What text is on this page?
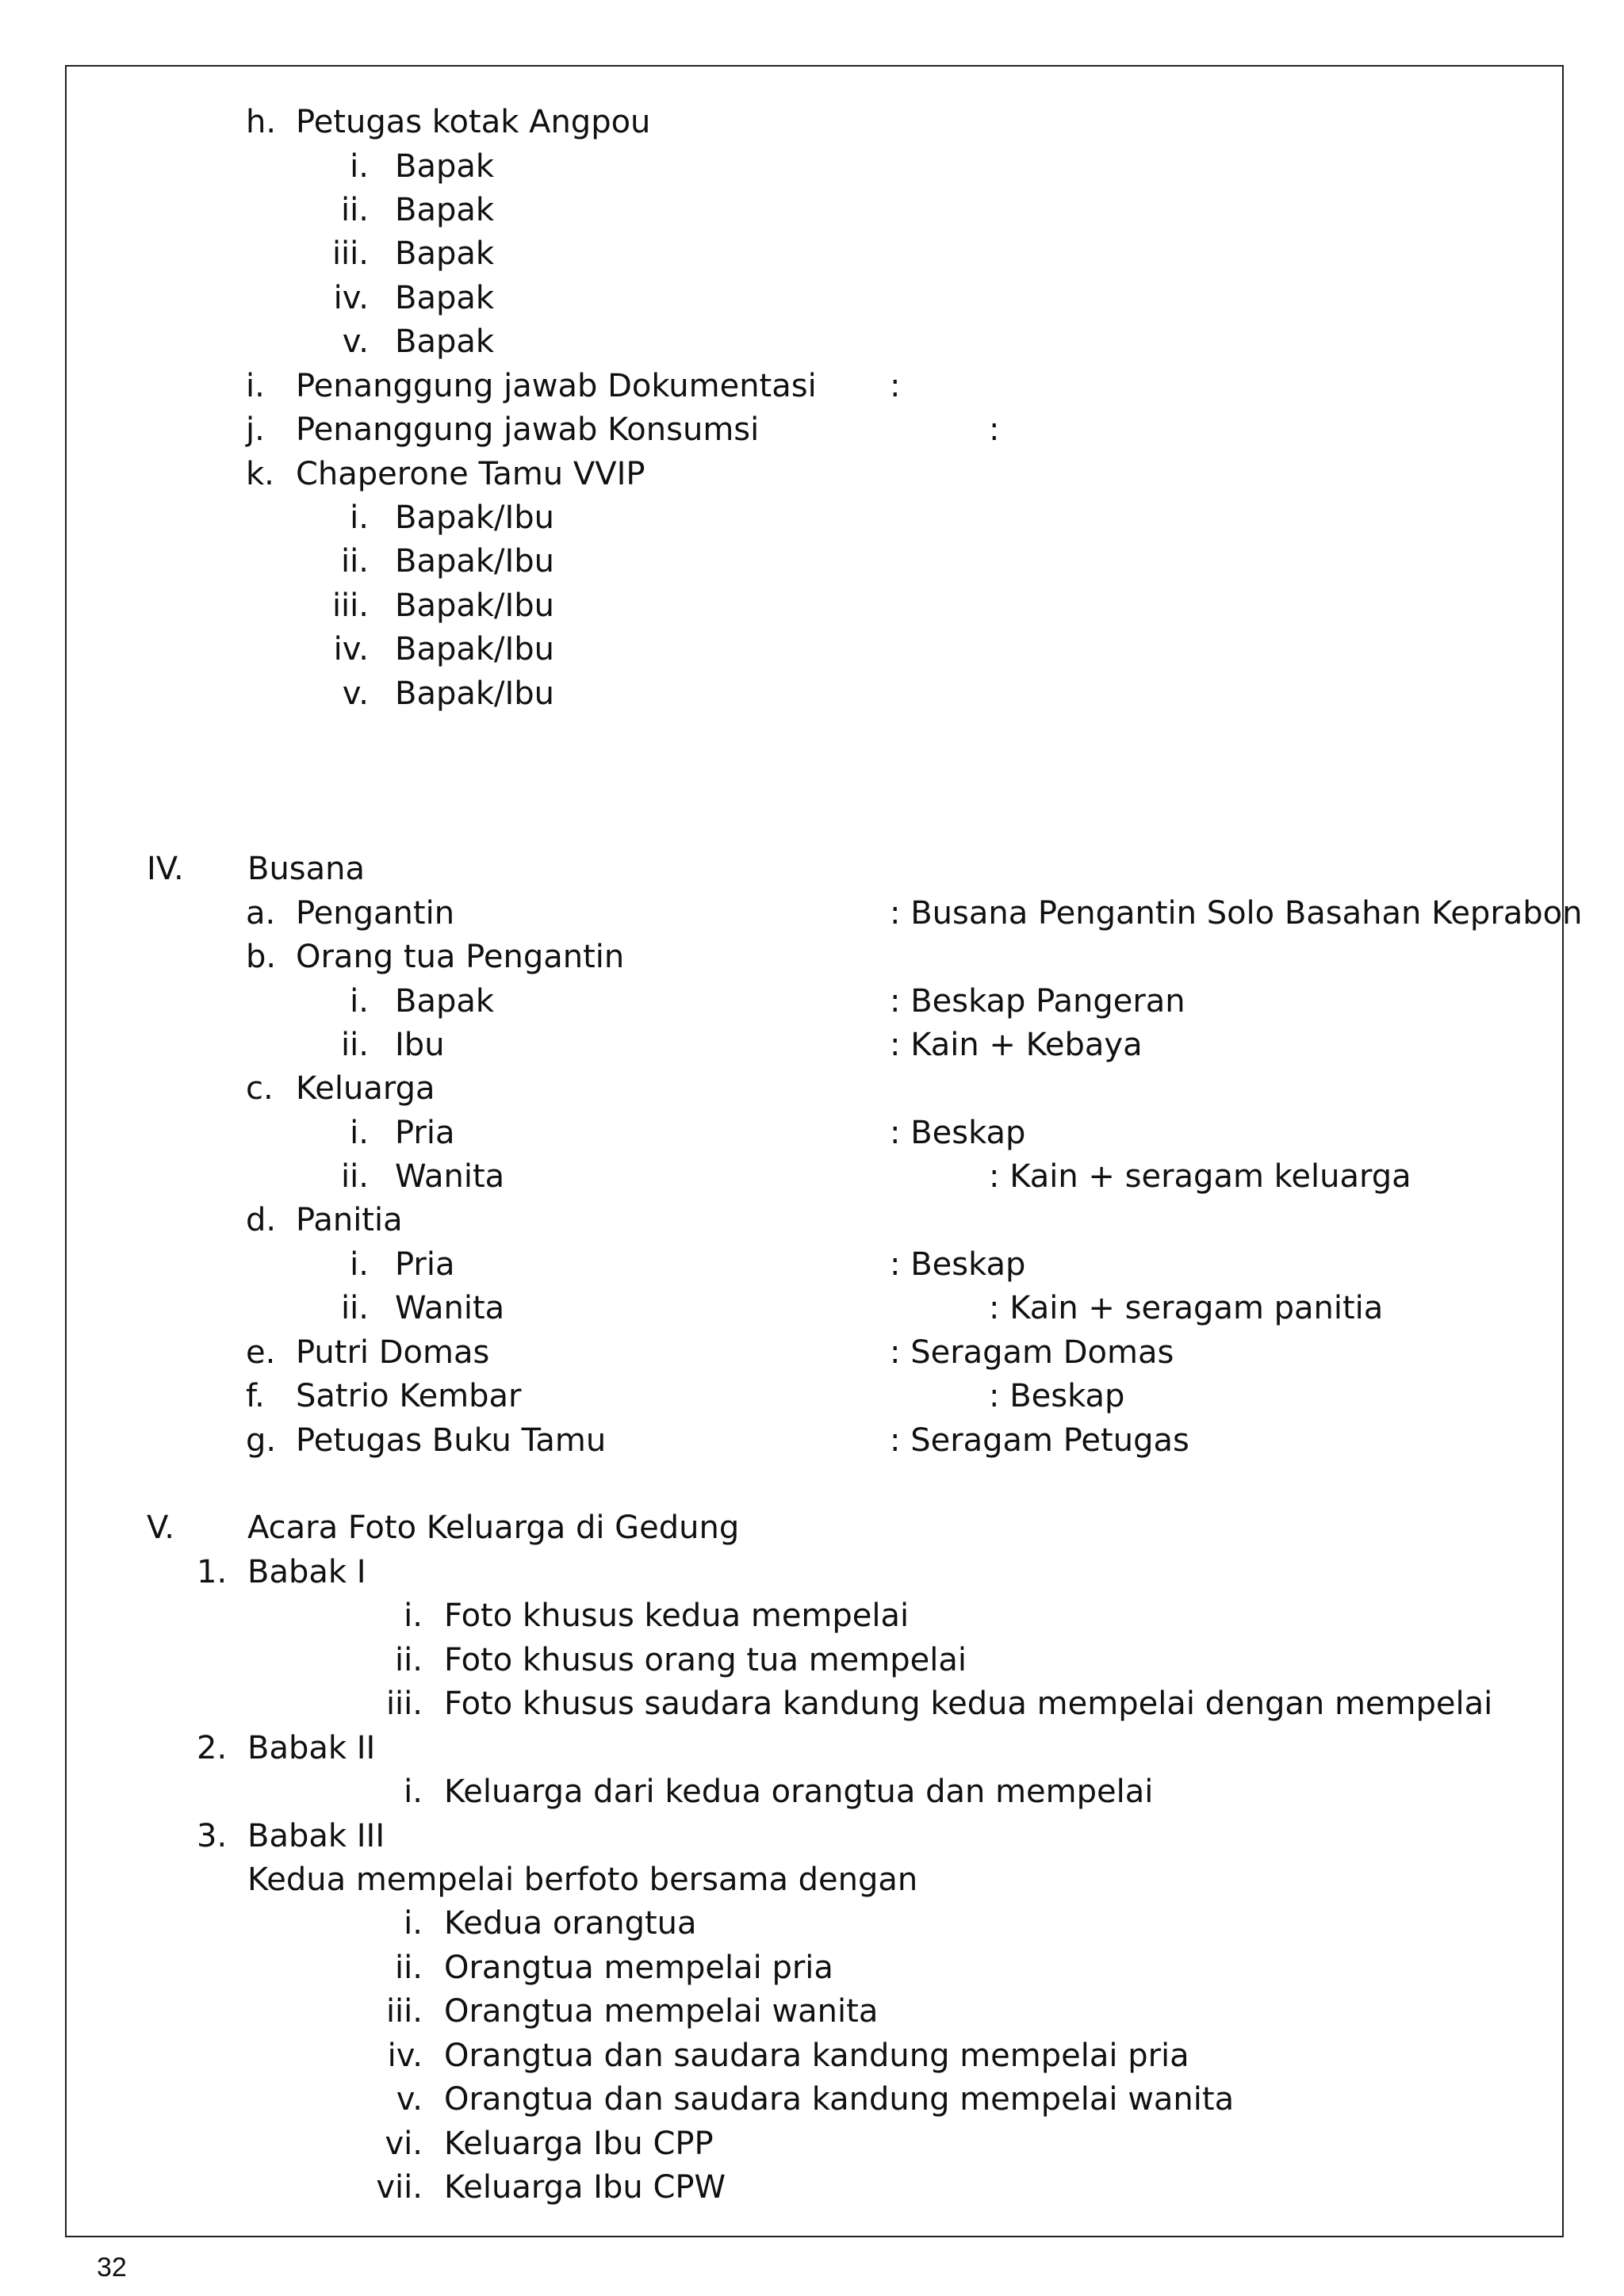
h. Petugas kotak Angpou
i. Bapak
ii. Bapak
iii. Bapak
iv. Bapak
v. Bapak
i. Penanggung jawab Dokumentasi :
j. Penanggung jawab Konsumsi	:
k. Chaperone Tamu VVIP
i. Bapak/Ibu
ii. Bapak/Ibu
iii. Bapak/Ibu
iv. Bapak/Ibu
v. Bapak/Ibu
IV. Busana
a. Pengantin	: Busana Pengantin Solo Basahan Keprabon
b. Orang tua Pengantin
i. Bapak	: Beskap Pangeran
ii. Ibu	: Kain + Kebaya
c. Keluarga
i. Pria	: Beskap
ii. Wanita	: Kain + seragam keluarga
d. Panitia
i. Pria	: Beskap
ii. Wanita	: Kain + seragam panitia
e. Putri Domas	: Seragam Domas
f. Satrio Kembar	: Beskap
g. Petugas Buku Tamu	: Seragam Petugas
V. Acara Foto Keluarga di Gedung
1. Babak I
i. Foto khusus kedua mempelai
ii. Foto khusus orang tua mempelai
iii. Foto khusus saudara kandung kedua mempelai dengan mempelai
2. Babak II
i. Keluarga dari kedua orangtua dan mempelai
3. Babak III
Kedua mempelai berfoto bersama dengan
i. Kedua orangtua
ii. Orangtua mempelai pria
iii. Orangtua mempelai wanita
iv. Orangtua dan saudara kandung mempelai pria
v. Orangtua dan saudara kandung mempelai wanita
vi. Keluarga Ibu CPP
vii. Keluarga Ibu CPW
32
